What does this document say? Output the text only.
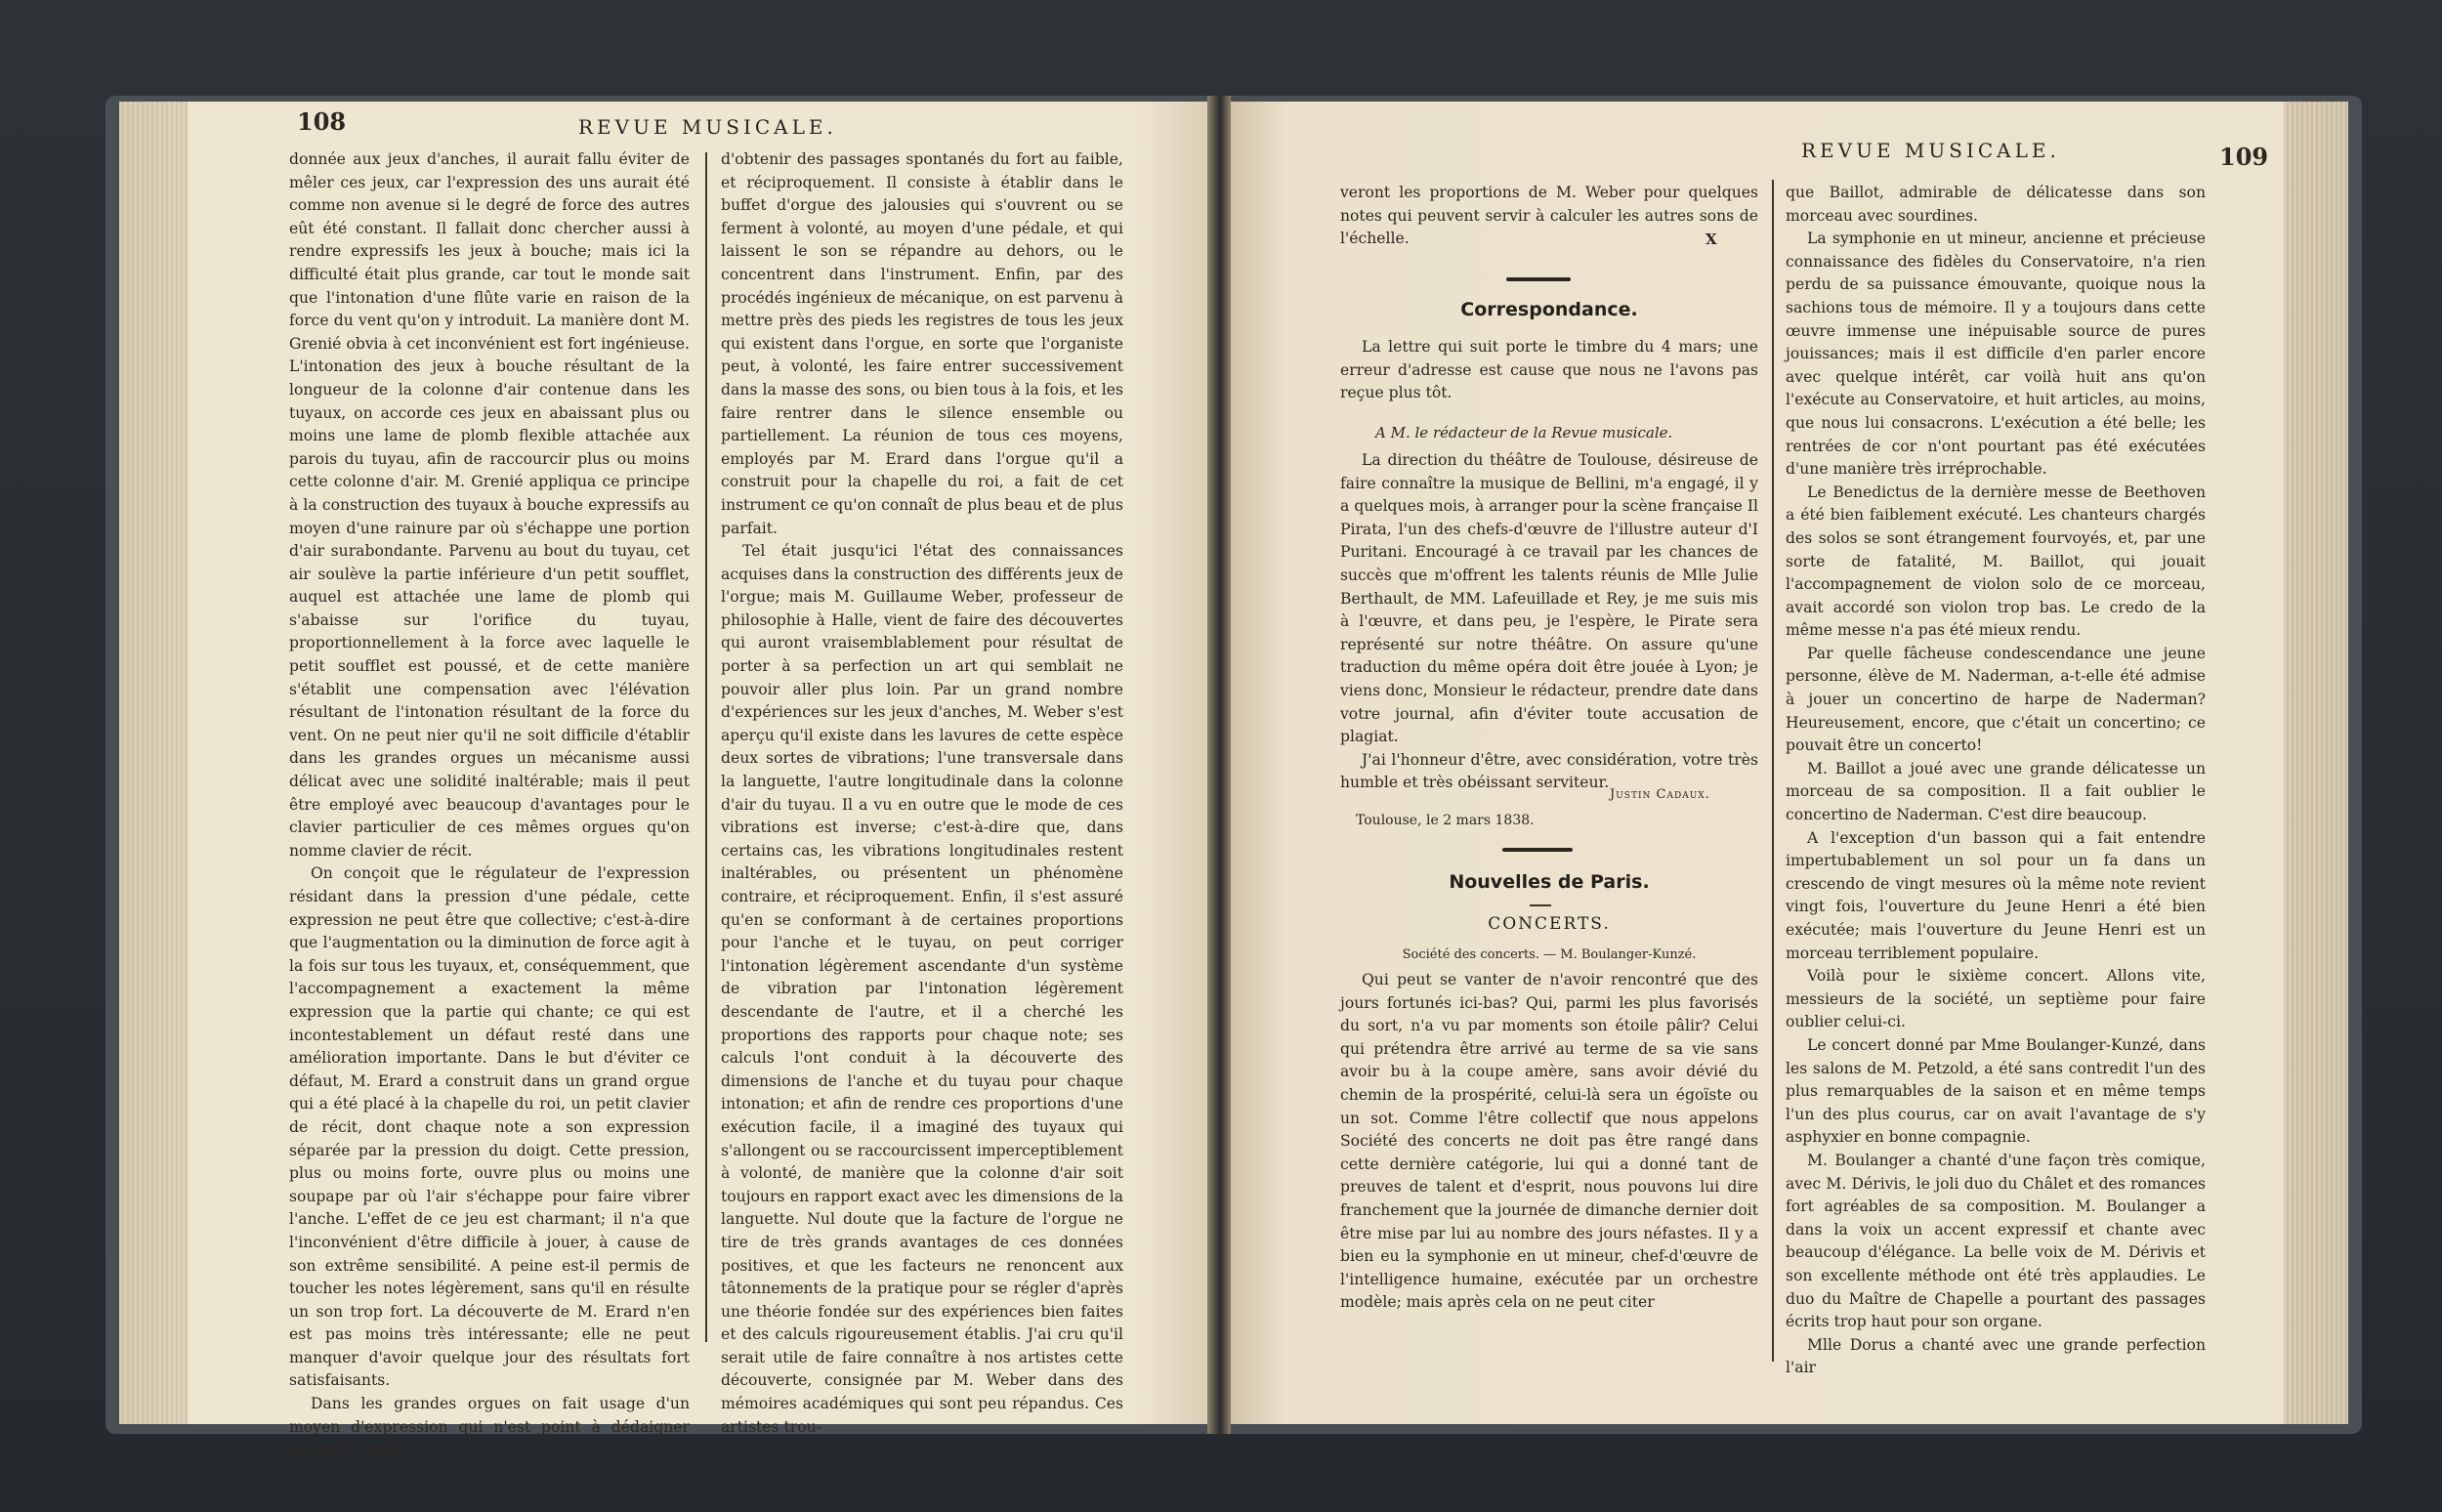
108	REVUE MUSICALE.

donnée aux jeux d'anches, il aurait fallu éviter de mêler ces jeux, car l'expression des uns aurait été comme non avenue si le degré de force des autres eût été constant. Il fallait donc chercher aussi à rendre expressifs les jeux à bouche; mais ici la difficulté était plus grande, car tout le monde sait que l'intonation d'une flûte varie en raison de la force du vent qu'on y introduit. La manière dont M. Grenié obvia à cet inconvénient est fort ingénieuse. L'intonation des jeux à bouche résultant de la longueur de la colonne d'air contenue dans les tuyaux, on accorde ces jeux en abaissant plus ou moins une lame de plomb flexible attachée aux parois du tuyau, afin de raccourcir plus ou moins cette colonne d'air. M. Grenié appliqua ce principe à la construction des tuyaux à bouche expressifs au moyen d'une rainure par où s'échappe une portion d'air surabondante. Parvenu au bout du tuyau, cet air soulève la partie inférieure d'un petit soufflet, auquel est attachée une lame de plomb qui s'abaisse sur l'orifice du tuyau, proportionnellement à la force avec laquelle le petit soufflet est poussé, et de cette manière s'établit une compensation avec l'élévation résultant de l'intonation résultant de la force du vent. On ne peut nier qu'il ne soit difficile d'établir dans les grandes orgues un mécanisme aussi délicat avec une solidité inaltérable; mais il peut être employé avec beaucoup d'avantages pour le clavier particulier de ces mêmes orgues qu'on nomme clavier de récit.

On conçoit que le régulateur de l'expression résidant dans la pression d'une pédale, cette expression ne peut être que collective; c'est-à-dire que l'augmentation ou la diminution de force agit à la fois sur tous les tuyaux, et, conséquemment, que l'accompagnement a exactement la même expression que la partie qui chante; ce qui est incontestablement un défaut resté dans une amélioration importante. Dans le but d'éviter ce défaut, M. Erard a construit dans un grand orgue qui a été placé à la chapelle du roi, un petit clavier de récit, dont chaque note a son expression séparée par la pression du doigt. Cette pression, plus ou moins forte, ouvre plus ou moins une soupape par où l'air s'échappe pour faire vibrer l'anche. L'effet de ce jeu est charmant; il n'a que l'inconvénient d'être difficile à jouer, à cause de son extrême sensibilité. A peine est-il permis de toucher les notes légèrement, sans qu'il en résulte un son trop fort. La découverte de M. Erard n'en est pas moins très intéressante; elle ne peut manquer d'avoir quelque jour des résultats fort satisfaisants.

Dans les grandes orgues on fait usage d'un moyen d'expression qui n'est point à dédaigner lorsqu'il s'agit

d'obtenir des passages spontanés du fort au faible, et réciproquement. Il consiste à établir dans le buffet d'orgue des jalousies qui s'ouvrent ou se ferment à volonté, au moyen d'une pédale, et qui laissent le son se répandre au dehors, ou le concentrent dans l'instrument. Enfin, par des procédés ingénieux de mécanique, on est parvenu à mettre près des pieds les registres de tous les jeux qui existent dans l'orgue, en sorte que l'organiste peut, à volonté, les faire entrer successivement dans la masse des sons, ou bien tous à la fois, et les faire rentrer dans le silence ensemble ou partiellement. La réunion de tous ces moyens, employés par M. Erard dans l'orgue qu'il a construit pour la chapelle du roi, a fait de cet instrument ce qu'on connaît de plus beau et de plus parfait.

Tel était jusqu'ici l'état des connaissances acquises dans la construction des différents jeux de l'orgue; mais M. Guillaume Weber, professeur de philosophie à Halle, vient de faire des découvertes qui auront vraisemblablement pour résultat de porter à sa perfection un art qui semblait ne pouvoir aller plus loin. Par un grand nombre d'expériences sur les jeux d'anches, M. Weber s'est aperçu qu'il existe dans les lavures de cette espèce deux sortes de vibrations; l'une transversale dans la languette, l'autre longitudinale dans la colonne d'air du tuyau. Il a vu en outre que le mode de ces vibrations est inverse; c'est-à-dire que, dans certains cas, les vibrations longitudinales restent inaltérables, ou présentent un phénomène contraire, et réciproquement. Enfin, il s'est assuré qu'en se conformant à de certaines proportions pour l'anche et le tuyau, on peut corriger l'intonation légèrement ascendante d'un système de vibration par l'intonation légèrement descendante de l'autre, et il a cherché les proportions des rapports pour chaque note; ses calculs l'ont conduit à la découverte des dimensions de l'anche et du tuyau pour chaque intonation; et afin de rendre ces proportions d'une exécution facile, il a imaginé des tuyaux qui s'allongent ou se raccourcissent imperceptiblement à volonté, de manière que la colonne d'air soit toujours en rapport exact avec les dimensions de la languette. Nul doute que la facture de l'orgue ne tire de très grands avantages de ces données positives, et que les facteurs ne renoncent aux tâtonnements de la pratique pour se régler d'après une théorie fondée sur des expériences bien faites et des calculs rigoureusement établis. J'ai cru qu'il serait utile de faire connaître à nos artistes cette découverte, consignée par M. Weber dans des mémoires académiques qui sont peu répandus. Ces artistes trou-

REVUE MUSICALE.	109

veront les proportions de M. Weber pour quelques notes qui peuvent servir à calculer les autres sons de l'échelle.	X
Correspondance.

La lettre qui suit porte le timbre du 4 mars; une erreur d'adresse est cause que nous ne l'avons pas reçue plus tôt.

A M. le rédacteur de la Revue musicale.

La direction du théâtre de Toulouse, désireuse de faire connaître la musique de Bellini, m'a engagé, il y a quelques mois, à arranger pour la scène française Il Pirata, l'un des chefs-d'œuvre de l'illustre auteur d'I Puritani. Encouragé à ce travail par les chances de succès que m'offrent les talents réunis de Mlle Julie Berthault, de MM. Lafeuillade et Rey, je me suis mis à l'œuvre, et dans peu, je l'espère, le Pirate sera représenté sur notre théâtre. On assure qu'une traduction du même opéra doit être jouée à Lyon; je viens donc, Monsieur le rédacteur, prendre date dans votre journal, afin d'éviter toute accusation de plagiat.

J'ai l'honneur d'être, avec considération, votre très humble et très obéissant serviteur.

Justin Cadaux.
Toulouse, le 2 mars 1838.
Nouvelles de Paris.
CONCERTS.
Société des concerts. — M. Boulanger-Kunzé.

Qui peut se vanter de n'avoir rencontré que des jours fortunés ici-bas? Qui, parmi les plus favorisés du sort, n'a vu par moments son étoile pâlir? Celui qui prétendra être arrivé au terme de sa vie sans avoir bu à la coupe amère, sans avoir dévié du chemin de la prospérité, celui-là sera un égoïste ou un sot. Comme l'être collectif que nous appelons Société des concerts ne doit pas être rangé dans cette dernière catégorie, lui qui a donné tant de preuves de talent et d'esprit, nous pouvons lui dire franchement que la journée de dimanche dernier doit être mise par lui au nombre des jours néfastes. Il y a bien eu la symphonie en ut mineur, chef-d'œuvre de l'intelligence humaine, exécutée par un orchestre modèle; mais après cela on ne peut citer

que Baillot, admirable de délicatesse dans son morceau avec sourdines.

La symphonie en ut mineur, ancienne et précieuse connaissance des fidèles du Conservatoire, n'a rien perdu de sa puissance émouvante, quoique nous la sachions tous de mémoire. Il y a toujours dans cette œuvre immense une inépuisable source de pures jouissances; mais il est difficile d'en parler encore avec quelque intérêt, car voilà huit ans qu'on l'exécute au Conservatoire, et huit articles, au moins, que nous lui consacrons. L'exécution a été belle; les rentrées de cor n'ont pourtant pas été exécutées d'une manière très irréprochable.

Le Benedictus de la dernière messe de Beethoven a été bien faiblement exécuté. Les chanteurs chargés des solos se sont étrangement fourvoyés, et, par une sorte de fatalité, M. Baillot, qui jouait l'accompagnement de violon solo de ce morceau, avait accordé son violon trop bas. Le credo de la même messe n'a pas été mieux rendu.

Par quelle fâcheuse condescendance une jeune personne, élève de M. Naderman, a-t-elle été admise à jouer un concertino de harpe de Naderman? Heureusement, encore, que c'était un concertino; ce pouvait être un concerto!

M. Baillot a joué avec une grande délicatesse un morceau de sa composition. Il a fait oublier le concertino de Naderman. C'est dire beaucoup.

A l'exception d'un basson qui a fait entendre impertubablement un sol pour un fa dans un crescendo de vingt mesures où la même note revient vingt fois, l'ouverture du Jeune Henri a été bien exécutée; mais l'ouverture du Jeune Henri est un morceau terriblement populaire.

Voilà pour le sixième concert. Allons vite, messieurs de la société, un septième pour faire oublier celui-ci.

Le concert donné par Mme Boulanger-Kunzé, dans les salons de M. Petzold, a été sans contredit l'un des plus remarquables de la saison et en même temps l'un des plus courus, car on avait l'avantage de s'y asphyxier en bonne compagnie.

M. Boulanger a chanté d'une façon très comique, avec M. Dérivis, le joli duo du Châlet et des romances fort agréables de sa composition. M. Boulanger a dans la voix un accent expressif et chante avec beaucoup d'élégance. La belle voix de M. Dérivis et son excellente méthode ont été très applaudies. Le duo du Maître de Chapelle a pourtant des passages écrits trop haut pour son organe.

Mlle Dorus a chanté avec une grande perfection l'air
